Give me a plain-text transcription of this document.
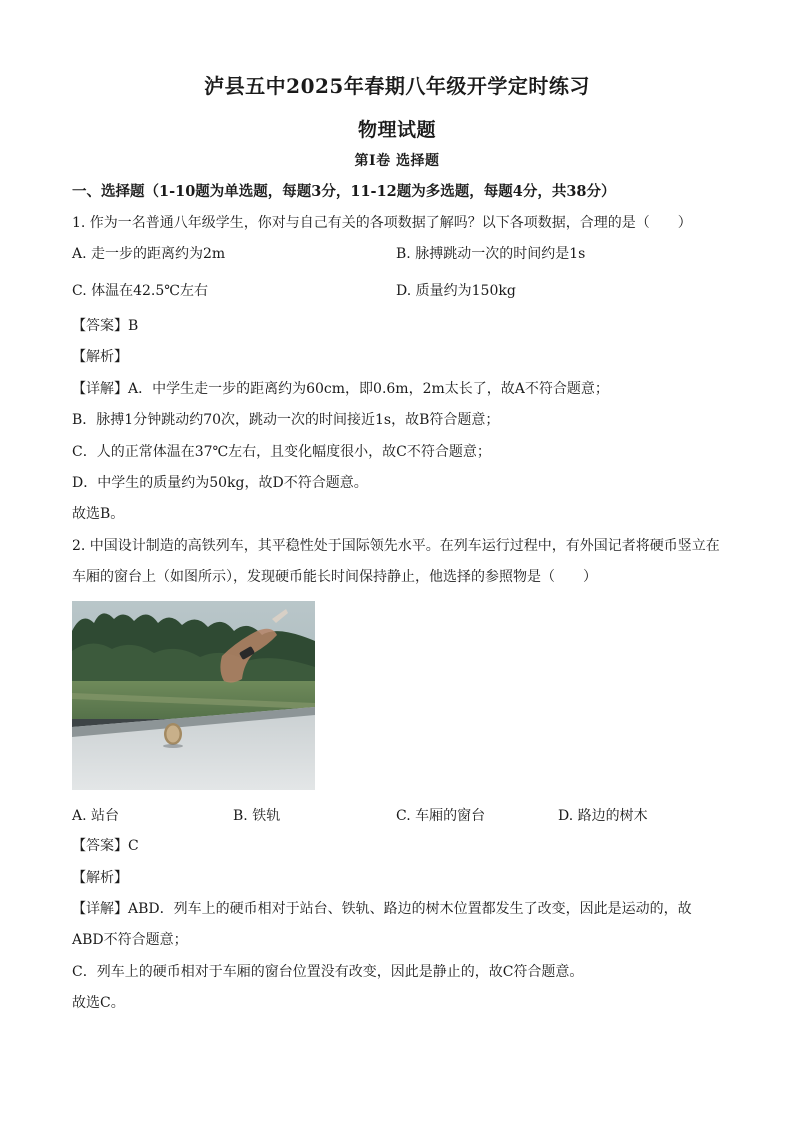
泸县五中2025年春期八年级开学定时练习
物理试题
第Ⅰ卷 选择题
一、选择题（1-10题为单选题，每题3分，11-12题为多选题，每题4分，共38分）
1. 作为一名普通八年级学生，你对与自己有关的各项数据了解吗？以下各项数据，合理的是（　　）
A. 走一步的距离约为2m	B. 脉搏跳动一次的时间约是1s
C. 体温在42.5℃左右	D. 质量约为150kg
【答案】B
【解析】
【详解】A．中学生走一步的距离约为60cm，即0.6m，2m太长了，故A不符合题意；
B．脉搏1分钟跳动约70次，跳动一次的时间接近1s，故B符合题意；
C．人的正常体温在37℃左右，且变化幅度很小，故C不符合题意；
D．中学生的质量约为50kg，故D不符合题意。
故选B。
2. 中国设计制造的高铁列车，其平稳性处于国际领先水平。在列车运行过程中，有外国记者将硬币竖立在
车厢的窗台上（如图所示），发现硬币能长时间保持静止，他选择的参照物是（　　）
A. 站台	B. 铁轨	C. 车厢的窗台	D. 路边的树木
【答案】C
【解析】
【详解】ABD．列车上的硬币相对于站台、铁轨、路边的树木位置都发生了改变，因此是运动的，故
ABD不符合题意；
C．列车上的硬币相对于车厢的窗台位置没有改变，因此是静止的，故C符合题意。
故选C。
